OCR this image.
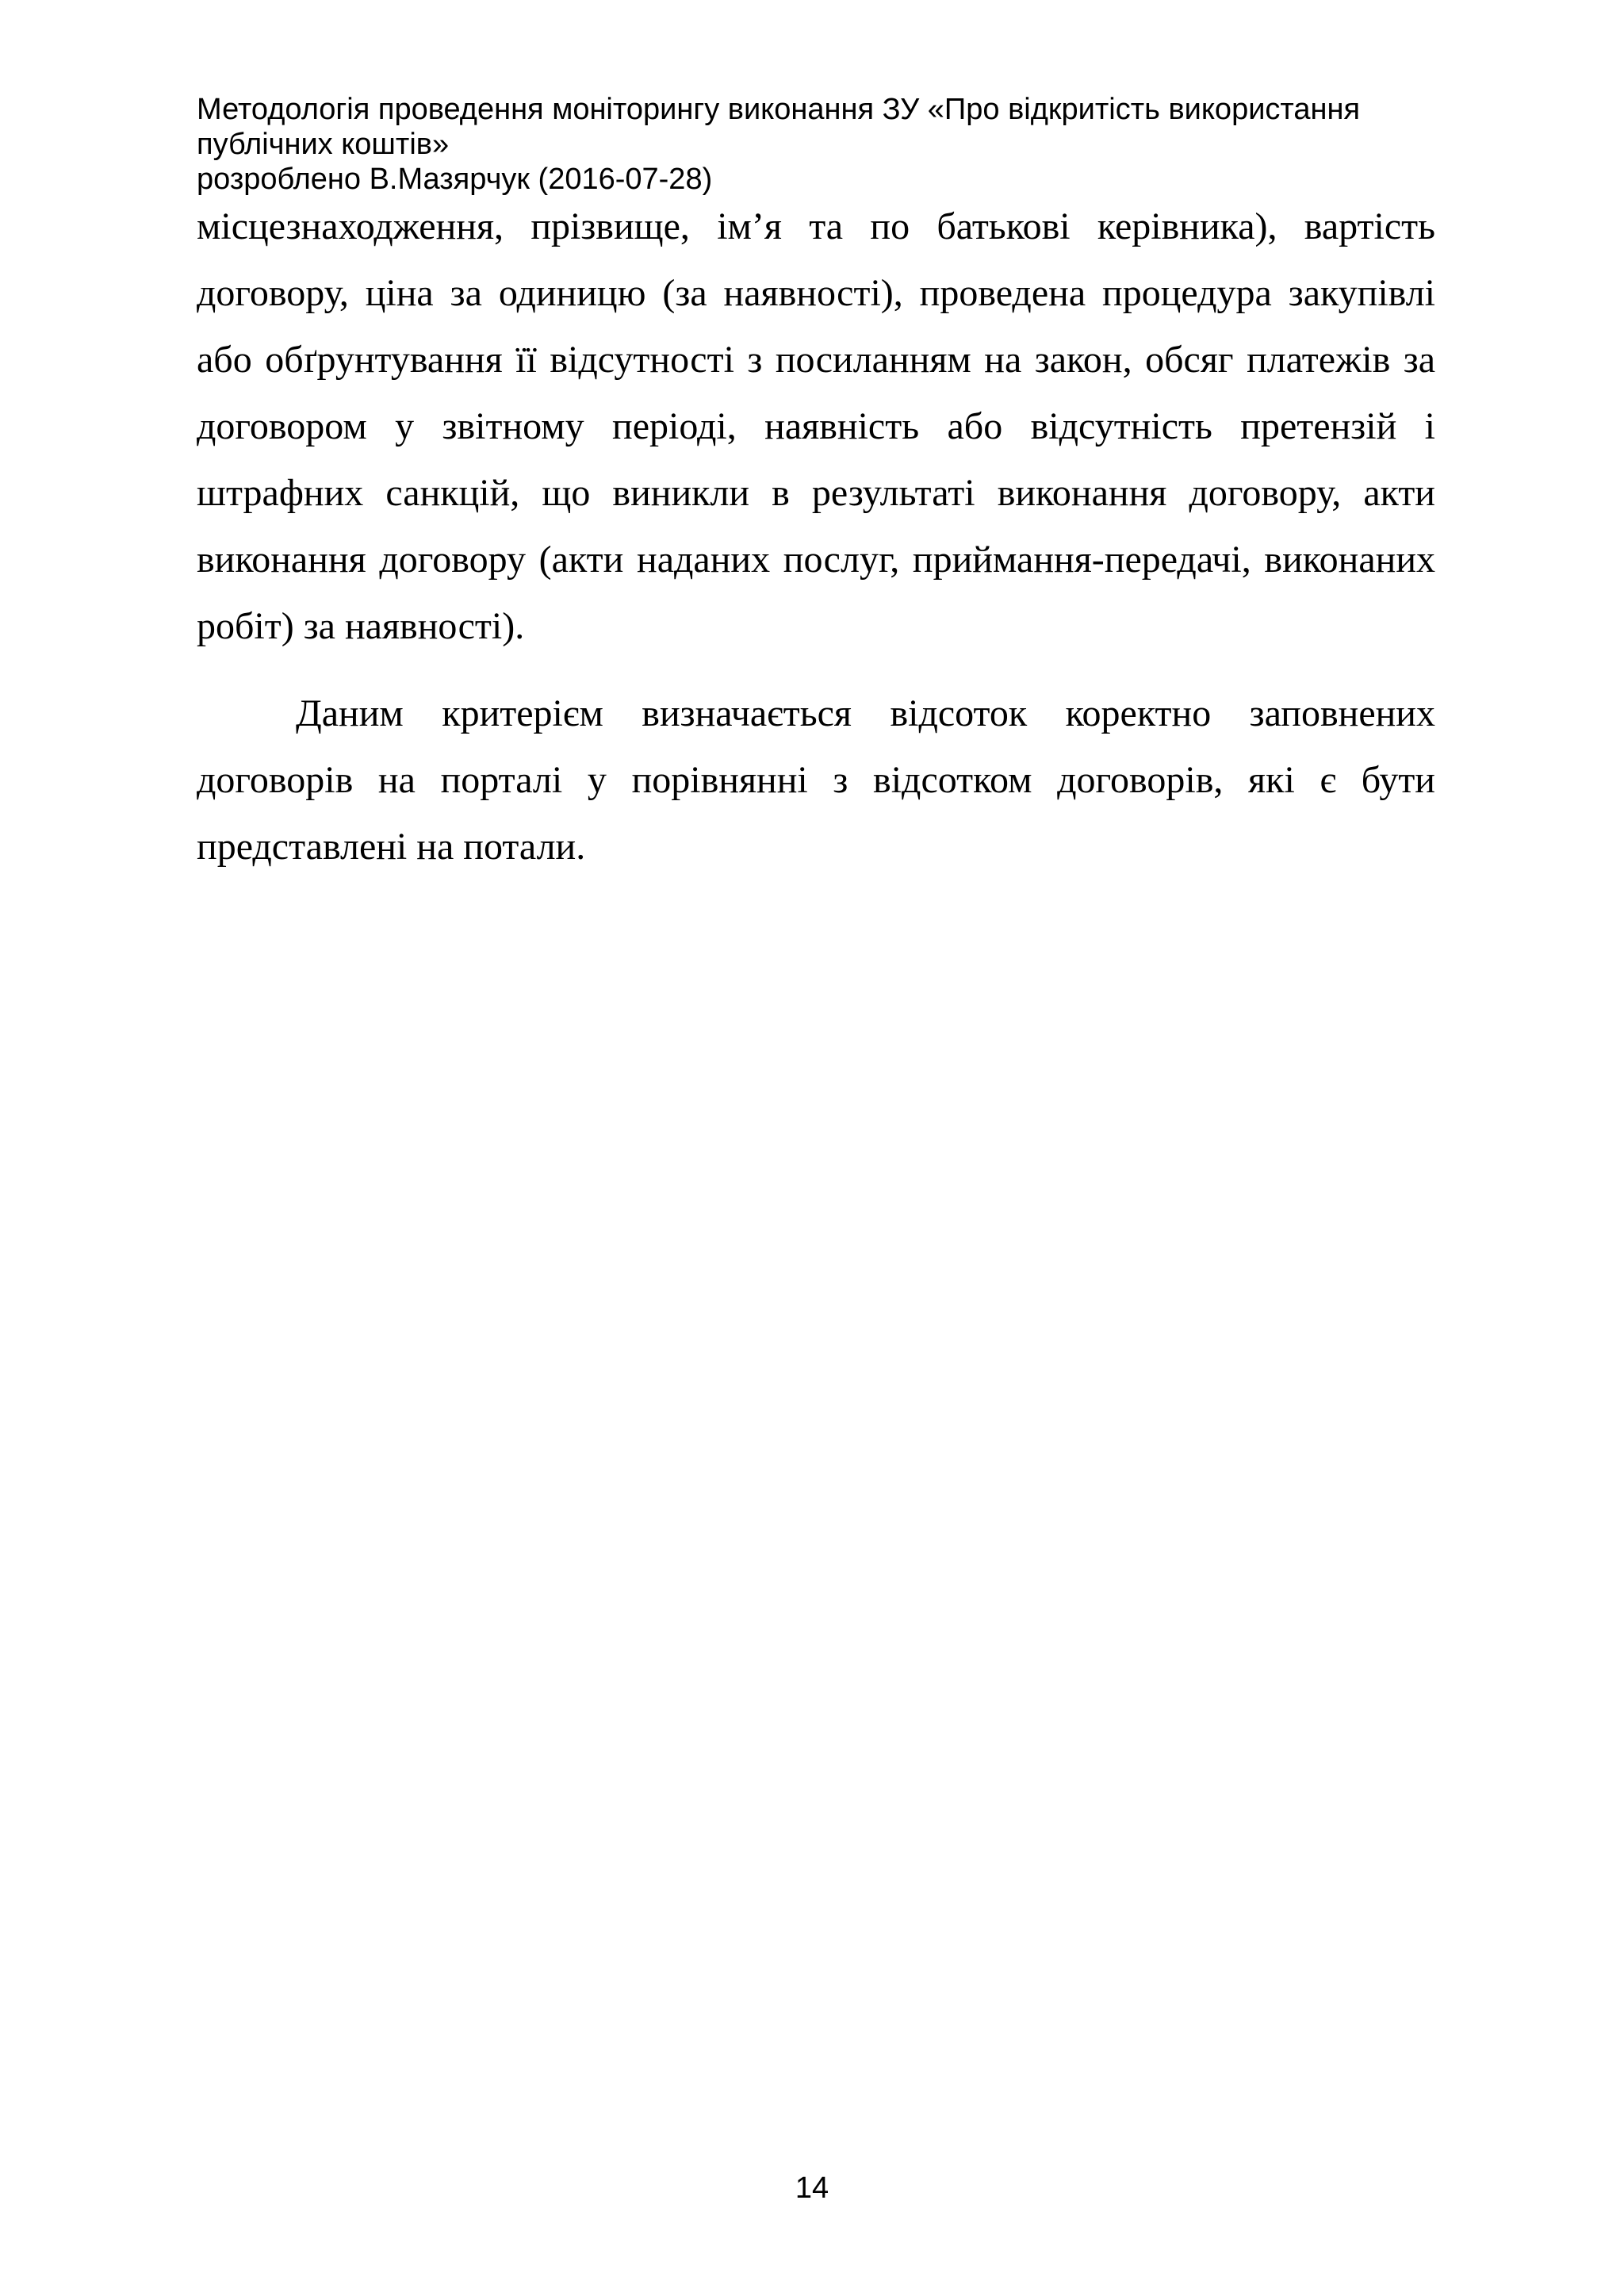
Методологія проведення моніторингу виконання ЗУ «Про відкритість використання
публічних коштів»
розроблено В.Мазярчук (2016-07-28)
місцезнаходження, прізвище, ім’я та по батькові керівника), вартість
договору, ціна за одиницю (за наявності), проведена процедура закупівлі
або обґрунтування її відсутності з посиланням на закон, обсяг платежів за
договором у звітному періоді, наявність або відсутність претензій і
штрафних санкцій, що виникли в результаті виконання договору, акти
виконання договору (акти наданих послуг, приймання-передачі, виконаних
робіт) за наявності).
Даним критерієм визначається відсоток коректно заповнених
договорів на порталі у порівнянні з відсотком договорів, які є бути
представлені на потали.
14
